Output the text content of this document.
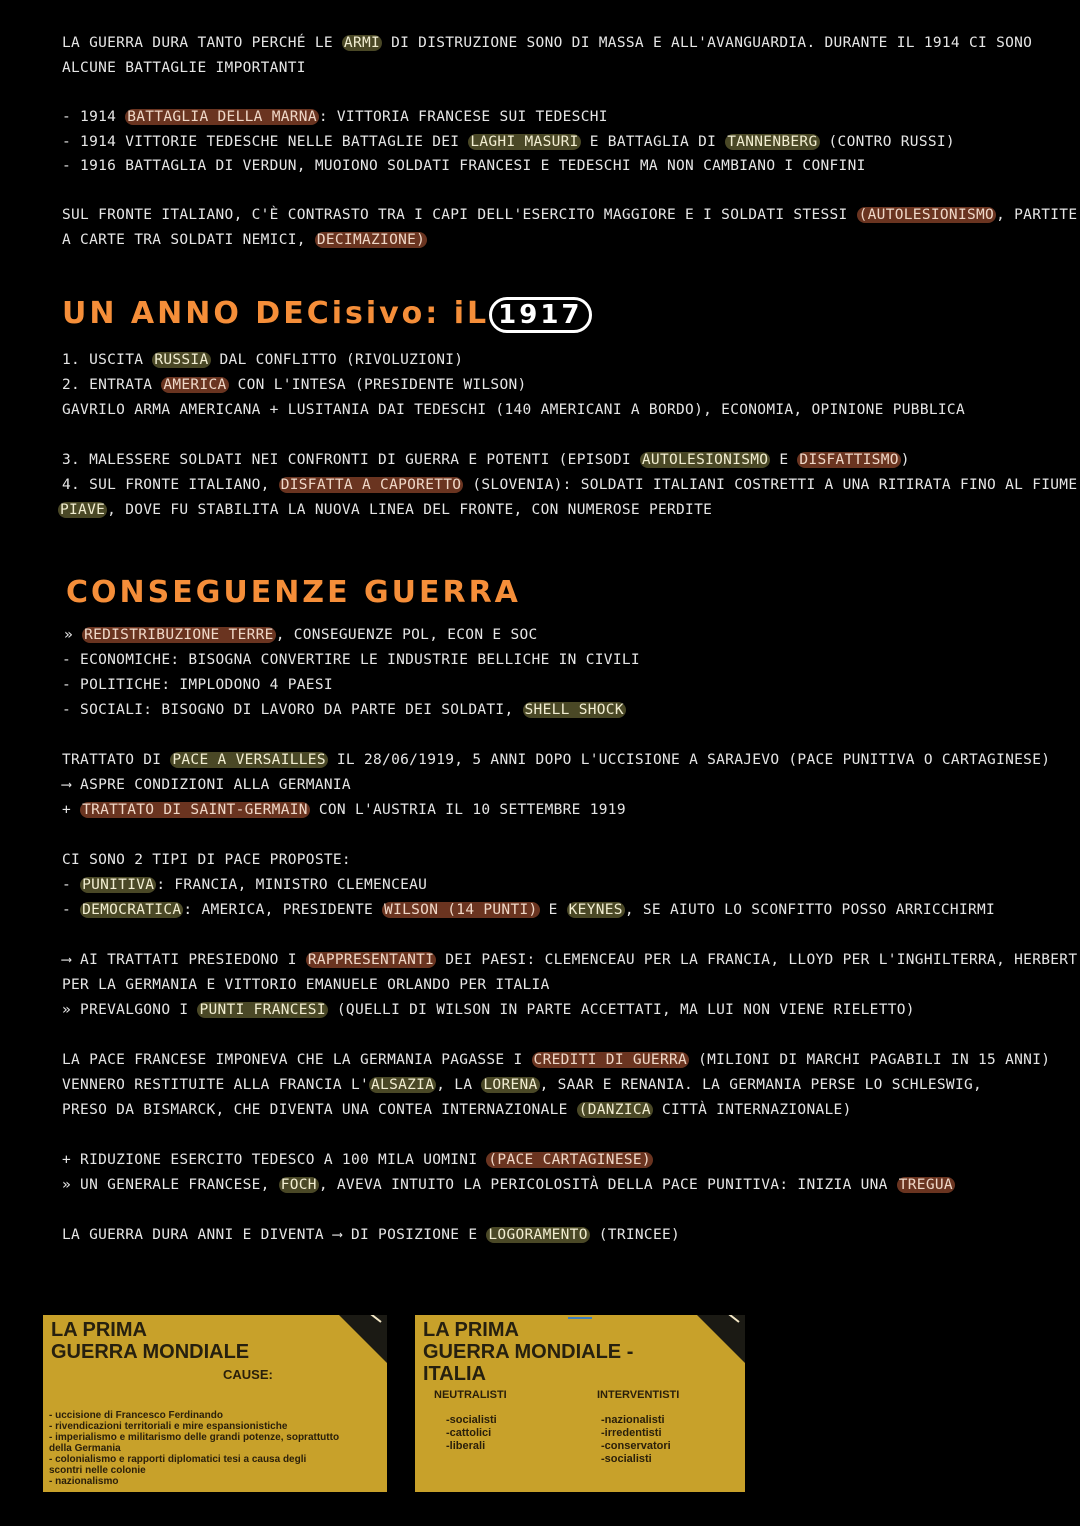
LA GUERRA DURA TANTO PERCHÉ LE ARMI DI DISTRUZIONE SONO DI MASSA E ALL'AVANGUARDIA. DURANTE IL 1914 CI SONO
ALCUNE BATTAGLIE IMPORTANTI
- 1914 BATTAGLIA DELLA MARNA : VITTORIA FRANCESE SUI TEDESCHI
- 1914 VITTORIE TEDESCHE NELLE BATTAGLIE DEI LAGHI MASURI E BATTAGLIA DI TANNENBERG (CONTRO RUSSI)
- 1916 BATTAGLIA DI VERDUN, MUOIONO SOLDATI FRANCESI E TEDESCHI MA NON CAMBIANO I CONFINI
SUL FRONTE ITALIANO, C'È CONTRASTO TRA I CAPI DELL'ESERCITO MAGGIORE E I SOLDATI STESSI (AUTOLESIONISMO , PARTITE
A CARTE TRA SOLDATI NEMICI, DECIMAZIONE)
UN ANNO DECisivo: iL 1917
1. USCITA RUSSIA DAL CONFLITTO (RIVOLUZIONI)
2. ENTRATA AMERICA CON L'INTESA (PRESIDENTE WILSON)
GAVRILO ARMA AMERICANA + LUSITANIA DAI TEDESCHI (140 AMERICANI A BORDO), ECONOMIA, OPINIONE PUBBLICA
3. MALESSERE SOLDATI NEI CONFRONTI DI GUERRA E POTENTI (EPISODI AUTOLESIONISMO E DISFATTISMO )
4. SUL FRONTE ITALIANO, DISFATTA A CAPORETTO (SLOVENIA): SOLDATI ITALIANI COSTRETTI A UNA RITIRATA FINO AL FIUME
PIAVE , DOVE FU STABILITA LA NUOVA LINEA DEL FRONTE, CON NUMEROSE PERDITE
CONSEGUENZE GUERRA
» REDISTRIBUZIONE TERRE , CONSEGUENZE POL, ECON E SOC
- ECONOMICHE: BISOGNA CONVERTIRE LE INDUSTRIE BELLICHE IN CIVILI
- POLITICHE: IMPLODONO 4 PAESI
- SOCIALI: BISOGNO DI LAVORO DA PARTE DEI SOLDATI, SHELL SHOCK
TRATTATO DI PACE A VERSAILLES IL 28/06/1919, 5 ANNI DOPO L'UCCISIONE A SARAJEVO (PACE PUNITIVA O CARTAGINESE)
⟶ ASPRE CONDIZIONI ALLA GERMANIA
+ TRATTATO DI SAINT-GERMAIN CON L'AUSTRIA IL 10 SETTEMBRE 1919
CI SONO 2 TIPI DI PACE PROPOSTE:
- PUNITIVA : FRANCIA, MINISTRO CLEMENCEAU
- DEMOCRATICA : AMERICA, PRESIDENTE WILSON (14 PUNTI) E KEYNES , SE AIUTO LO SCONFITTO POSSO ARRICCHIRMI
⟶ AI TRATTATI PRESIEDONO I RAPPRESENTANTI DEI PAESI: CLEMENCEAU PER LA FRANCIA, LLOYD PER L'INGHILTERRA, HERBERT
PER LA GERMANIA E VITTORIO EMANUELE ORLANDO PER ITALIA
» PREVALGONO I PUNTI FRANCESI (QUELLI DI WILSON IN PARTE ACCETTATI, MA LUI NON VIENE RIELETTO)
LA PACE FRANCESE IMPONEVA CHE LA GERMANIA PAGASSE I CREDITI DI GUERRA (MILIONI DI MARCHI PAGABILI IN 15 ANNI)
VENNERO RESTITUITE ALLA FRANCIA L' ALSAZIA , LA LORENA , SAAR E RENANIA. LA GERMANIA PERSE LO SCHLESWIG,
PRESO DA BISMARCK, CHE DIVENTA UNA CONTEA INTERNAZIONALE (DANZICA CITTÀ INTERNAZIONALE)
+ RIDUZIONE ESERCITO TEDESCO A 100 MILA UOMINI (PACE CARTAGINESE)
» UN GENERALE FRANCESE, FOCH , AVEVA INTUITO LA PERICOLOSITÀ DELLA PACE PUNITIVA: INIZIA UNA TREGUA
LA GUERRA DURA ANNI E DIVENTA ⟶ DI POSIZIONE E LOGORAMENTO (TRINCEE)
LA PRIMA
GUERRA MONDIALE
CAUSE:
- uccisione di Francesco Ferdinando
- rivendicazioni territoriali e mire espansionistiche
- imperialismo e militarismo delle grandi potenze, soprattutto
della Germania
- colonialismo e rapporti diplomatici tesi a causa degli
scontri nelle colonie
- nazionalismo
LA PRIMA
GUERRA MONDIALE -
ITALIA
NEUTRALISTI
-socialisti
-cattolici
-liberali
INTERVENTISTI
-nazionalisti
-irredentisti
-conservatori
-socialisti
